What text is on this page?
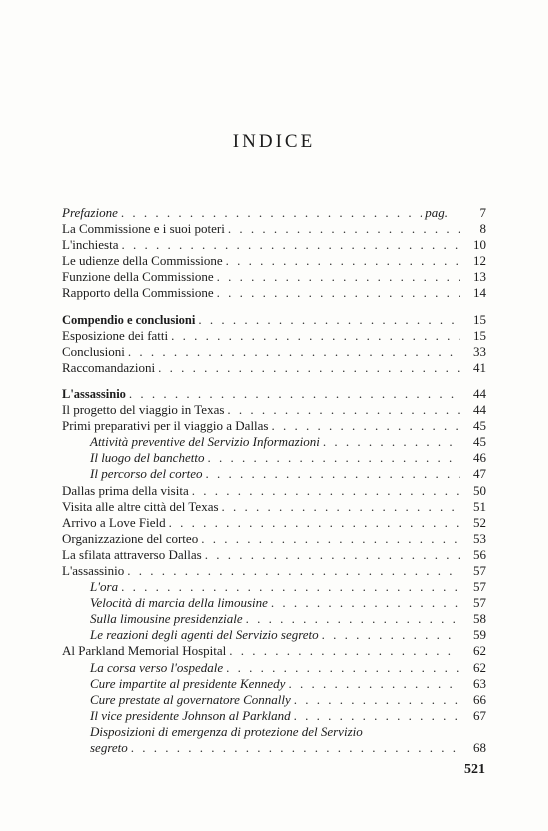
INDICE
Prefazione . . .	pag.	7
La Commissione e i suoi poteri . . .	8
L'inchiesta . . .	10
Le udienze della Commissione . . .	12
Funzione della Commissione . . .	13
Rapporto della Commissione . . .	14
Compendio e conclusioni . . .	15
Esposizione dei fatti . . .	15
Conclusioni . . .	33
Raccomandazioni . . .	41
L'assassinio . . .	44
Il progetto del viaggio in Texas . . .	44
Primi preparativi per il viaggio a Dallas . . .	45
Attività preventive del Servizio Informazioni . . .	45
Il luogo del banchetto . . .	46
Il percorso del corteo . . .	47
Dallas prima della visita . . .	50
Visita alle altre città del Texas . . .	51
Arrivo a Love Field . . .	52
Organizzazione del corteo . . .	53
La sfilata attraverso Dallas . . .	56
L'assassinio . . .	57
L'ora . . .	57
Velocità di marcia della limousine . . .	57
Sulla limousine presidenziale . . .	58
Le reazioni degli agenti del Servizio segreto . . .	59
Al Parkland Memorial Hospital . . .	62
La corsa verso l'ospedale . . .	62
Cure impartite al presidente Kennedy . . .	63
Cure prestate al governatore Connally . . .	66
Il vice presidente Johnson al Parkland . . .	67
Disposizioni di emergenza di protezione del Servizio
segreto . . .	68
521
